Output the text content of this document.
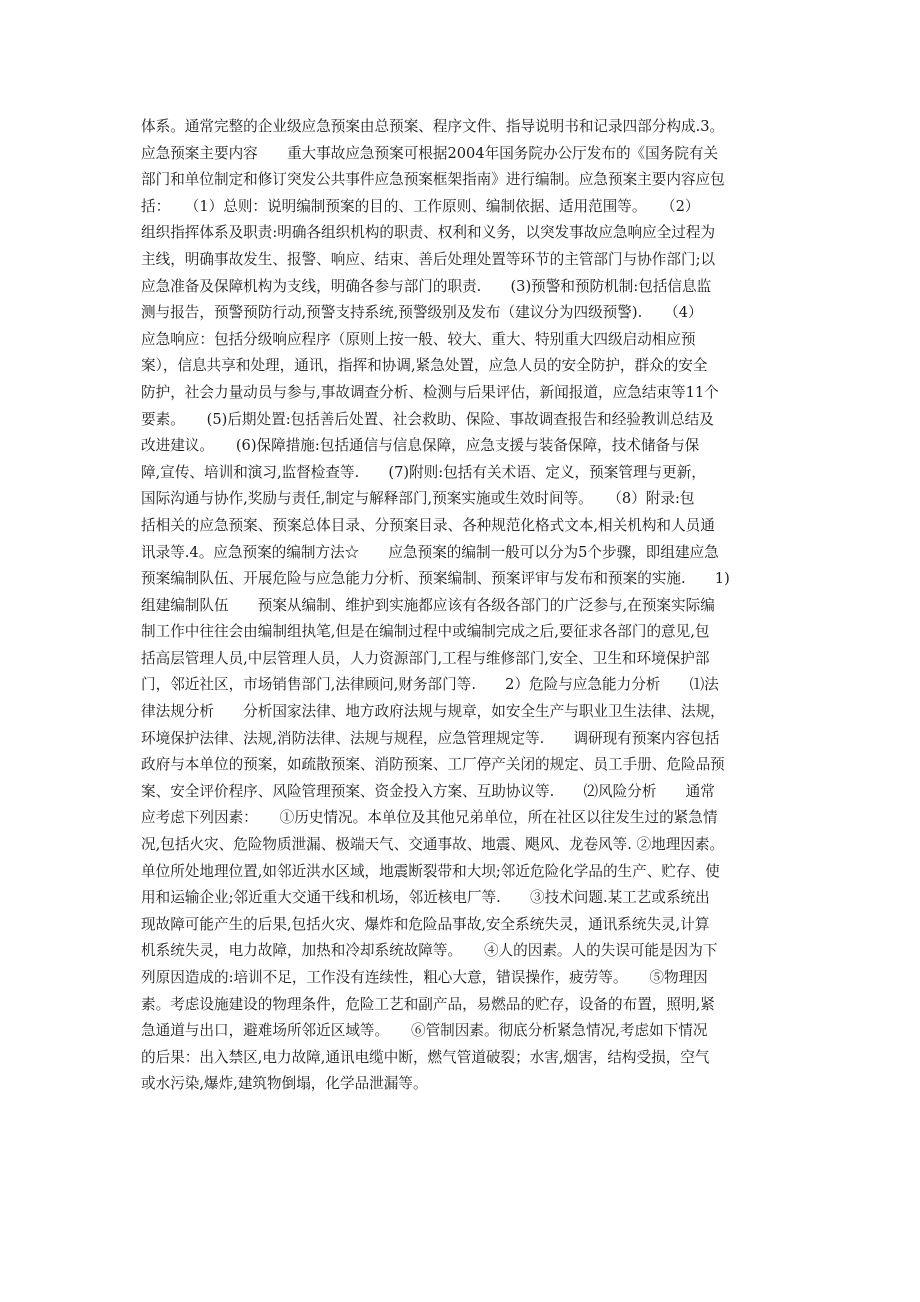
体系。通常完整的企业级应急预案由总预案、程序文件、指导说明书和记录四部分构成.3。
应急预案主要内容　　重大事故应急预案可根据2004年国务院办公厅发布的《国务院有关
部门和单位制定和修订突发公共事件应急预案框架指南》进行编制。应急预案主要内容应包
括：　　（1）总则：说明编制预案的目的、工作原则、编制依据、适用范围等。　　（2）
组织指挥体系及职责:明确各组织机构的职责、权利和义务，以突发事故应急响应全过程为
主线，明确事故发生、报警、响应、结束、善后处理处置等环节的主管部门与协作部门;以
应急准备及保障机构为支线，明确各参与部门的职责.　　(3)预警和预防机制:包括信息监
测与报告，预警预防行动,预警支持系统,预警级别及发布（建议分为四级预警).　　（4）
应急响应：包括分级响应程序（原则上按一般、较大、重大、特别重大四级启动相应预
案），信息共享和处理，通讯，指挥和协调,紧急处置，应急人员的安全防护，群众的安全
防护，社会力量动员与参与,事故调查分析、检测与后果评估，新闻报道，应急结束等11个
要素。　　(5)后期处置:包括善后处置、社会救助、保险、事故调查报告和经验教训总结及
改进建议。　　(6)保障措施:包括通信与信息保障，应急支援与装备保障，技术储备与保
障,宣传、培训和演习,监督检查等.　　(7)附则:包括有关术语、定义，预案管理与更新，
国际沟通与协作,奖励与责任,制定与解释部门,预案实施或生效时间等。　　（8）附录:包
括相关的应急预案、预案总体目录、分预案目录、各种规范化格式文本,相关机构和人员通
讯录等.4。应急预案的编制方法☆　　应急预案的编制一般可以分为5个步骤，即组建应急
预案编制队伍、开展危险与应急能力分析、预案编制、预案评审与发布和预案的实施.　　1)
组建编制队伍　　预案从编制、维护到实施都应该有各级各部门的广泛参与,在预案实际编
制工作中往往会由编制组执笔,但是在编制过程中或编制完成之后,要征求各部门的意见,包
括高层管理人员,中层管理人员，人力资源部门,工程与维修部门,安全、卫生和环境保护部
门，邻近社区，市场销售部门,法律顾问,财务部门等.　　2）危险与应急能力分析　　⑴法
律法规分析　　分析国家法律、地方政府法规与规章，如安全生产与职业卫生法律、法规，
环境保护法律、法规,消防法律、法规与规程，应急管理规定等.　　调研现有预案内容包括
政府与本单位的预案，如疏散预案、消防预案、工厂停产关闭的规定、员工手册、危险品预
案、安全评价程序、风险管理预案、资金投入方案、互助协议等.　　⑵风险分析　　通常
应考虑下列因素：　　①历史情况。本单位及其他兄弟单位，所在社区以往发生过的紧急情
况,包括火灾、危险物质泄漏、极端天气、交通事故、地震、飓风、龙卷风等. ②地理因素。
单位所处地理位置,如邻近洪水区域，地震断裂带和大坝;邻近危险化学品的生产、贮存、使
用和运输企业;邻近重大交通干线和机场，邻近核电厂等.　　③技术问题.某工艺或系统出
现故障可能产生的后果,包括火灾、爆炸和危险品事故,安全系统失灵，通讯系统失灵,计算
机系统失灵，电力故障，加热和冷却系统故障等。　　④人的因素。人的失误可能是因为下
列原因造成的:培训不足，工作没有连续性，粗心大意，错误操作，疲劳等。　　⑤物理因
素。考虑设施建设的物理条件，危险工艺和副产品，易燃品的贮存，设备的布置，照明,紧
急通道与出口，避难场所邻近区域等。　　⑥管制因素。彻底分析紧急情况,考虑如下情况
的后果：出入禁区,电力故障,通讯电缆中断，燃气管道破裂；水害,烟害，结构受损，空气
或水污染,爆炸,建筑物倒塌，化学品泄漏等。
